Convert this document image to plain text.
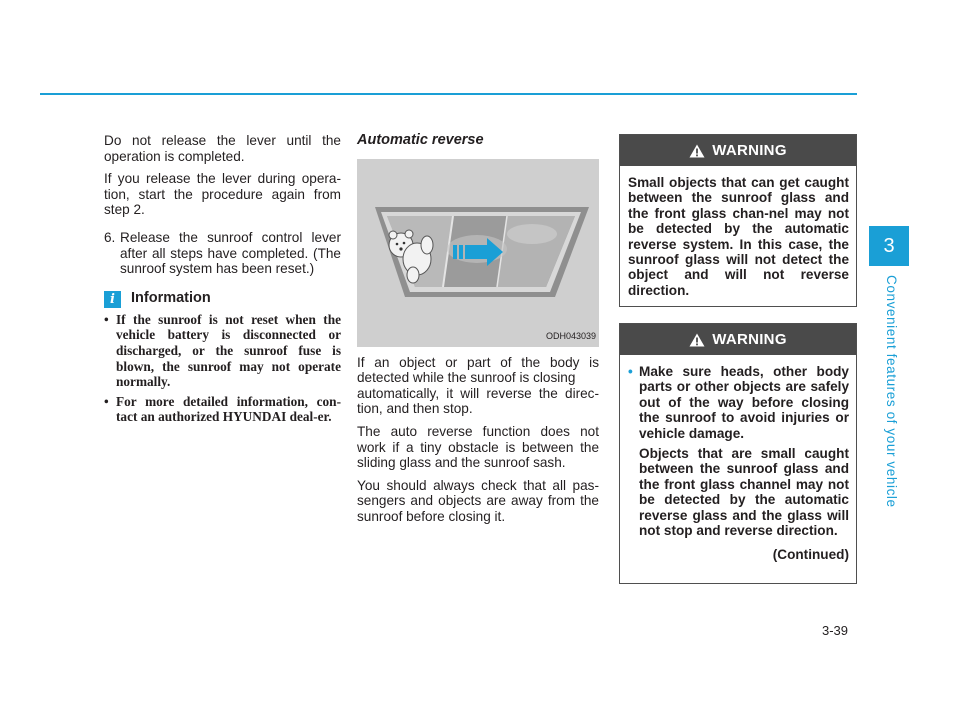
Do not release the lever until the operation is completed.

If you release the lever during opera-tion, start the procedure again from step 2.

6. Release the sunroof control lever after all steps have completed. (The sunroof system has been reset.)
i	Information
• If the sunroof is not reset when the vehicle battery is disconnected or discharged, or the sunroof fuse is blown, the sunroof may not operate normally.
• For more detailed information, con-tact an authorized HYUNDAI deal-er.
Automatic reverse
ODH043039

If an object or part of the body is detected while the sunroof is closing

automatically, it will reverse the direc-tion, and then stop.

The auto reverse function does not work if a tiny obstacle is between the sliding glass and the sunroof sash.

You should always check that all pas-sengers and objects are away from the sunroof before closing it.

WARNING
Small objects that can get caught between the sunroof glass and the front glass chan-nel may not be detected by the automatic reverse system. In this case, the sunroof glass will not detect the object and will not reverse direction.
WARNING
• Make sure heads, other body parts or other objects are safely out of the way before closing the sunroof to avoid injuries or vehicle damage.

Objects that are small caught between the sunroof glass and the front glass channel may not be detected by the automatic reverse glass and the glass will not stop and reverse direction.

(Continued)
3
Convenient features of your vehicle
3-39
